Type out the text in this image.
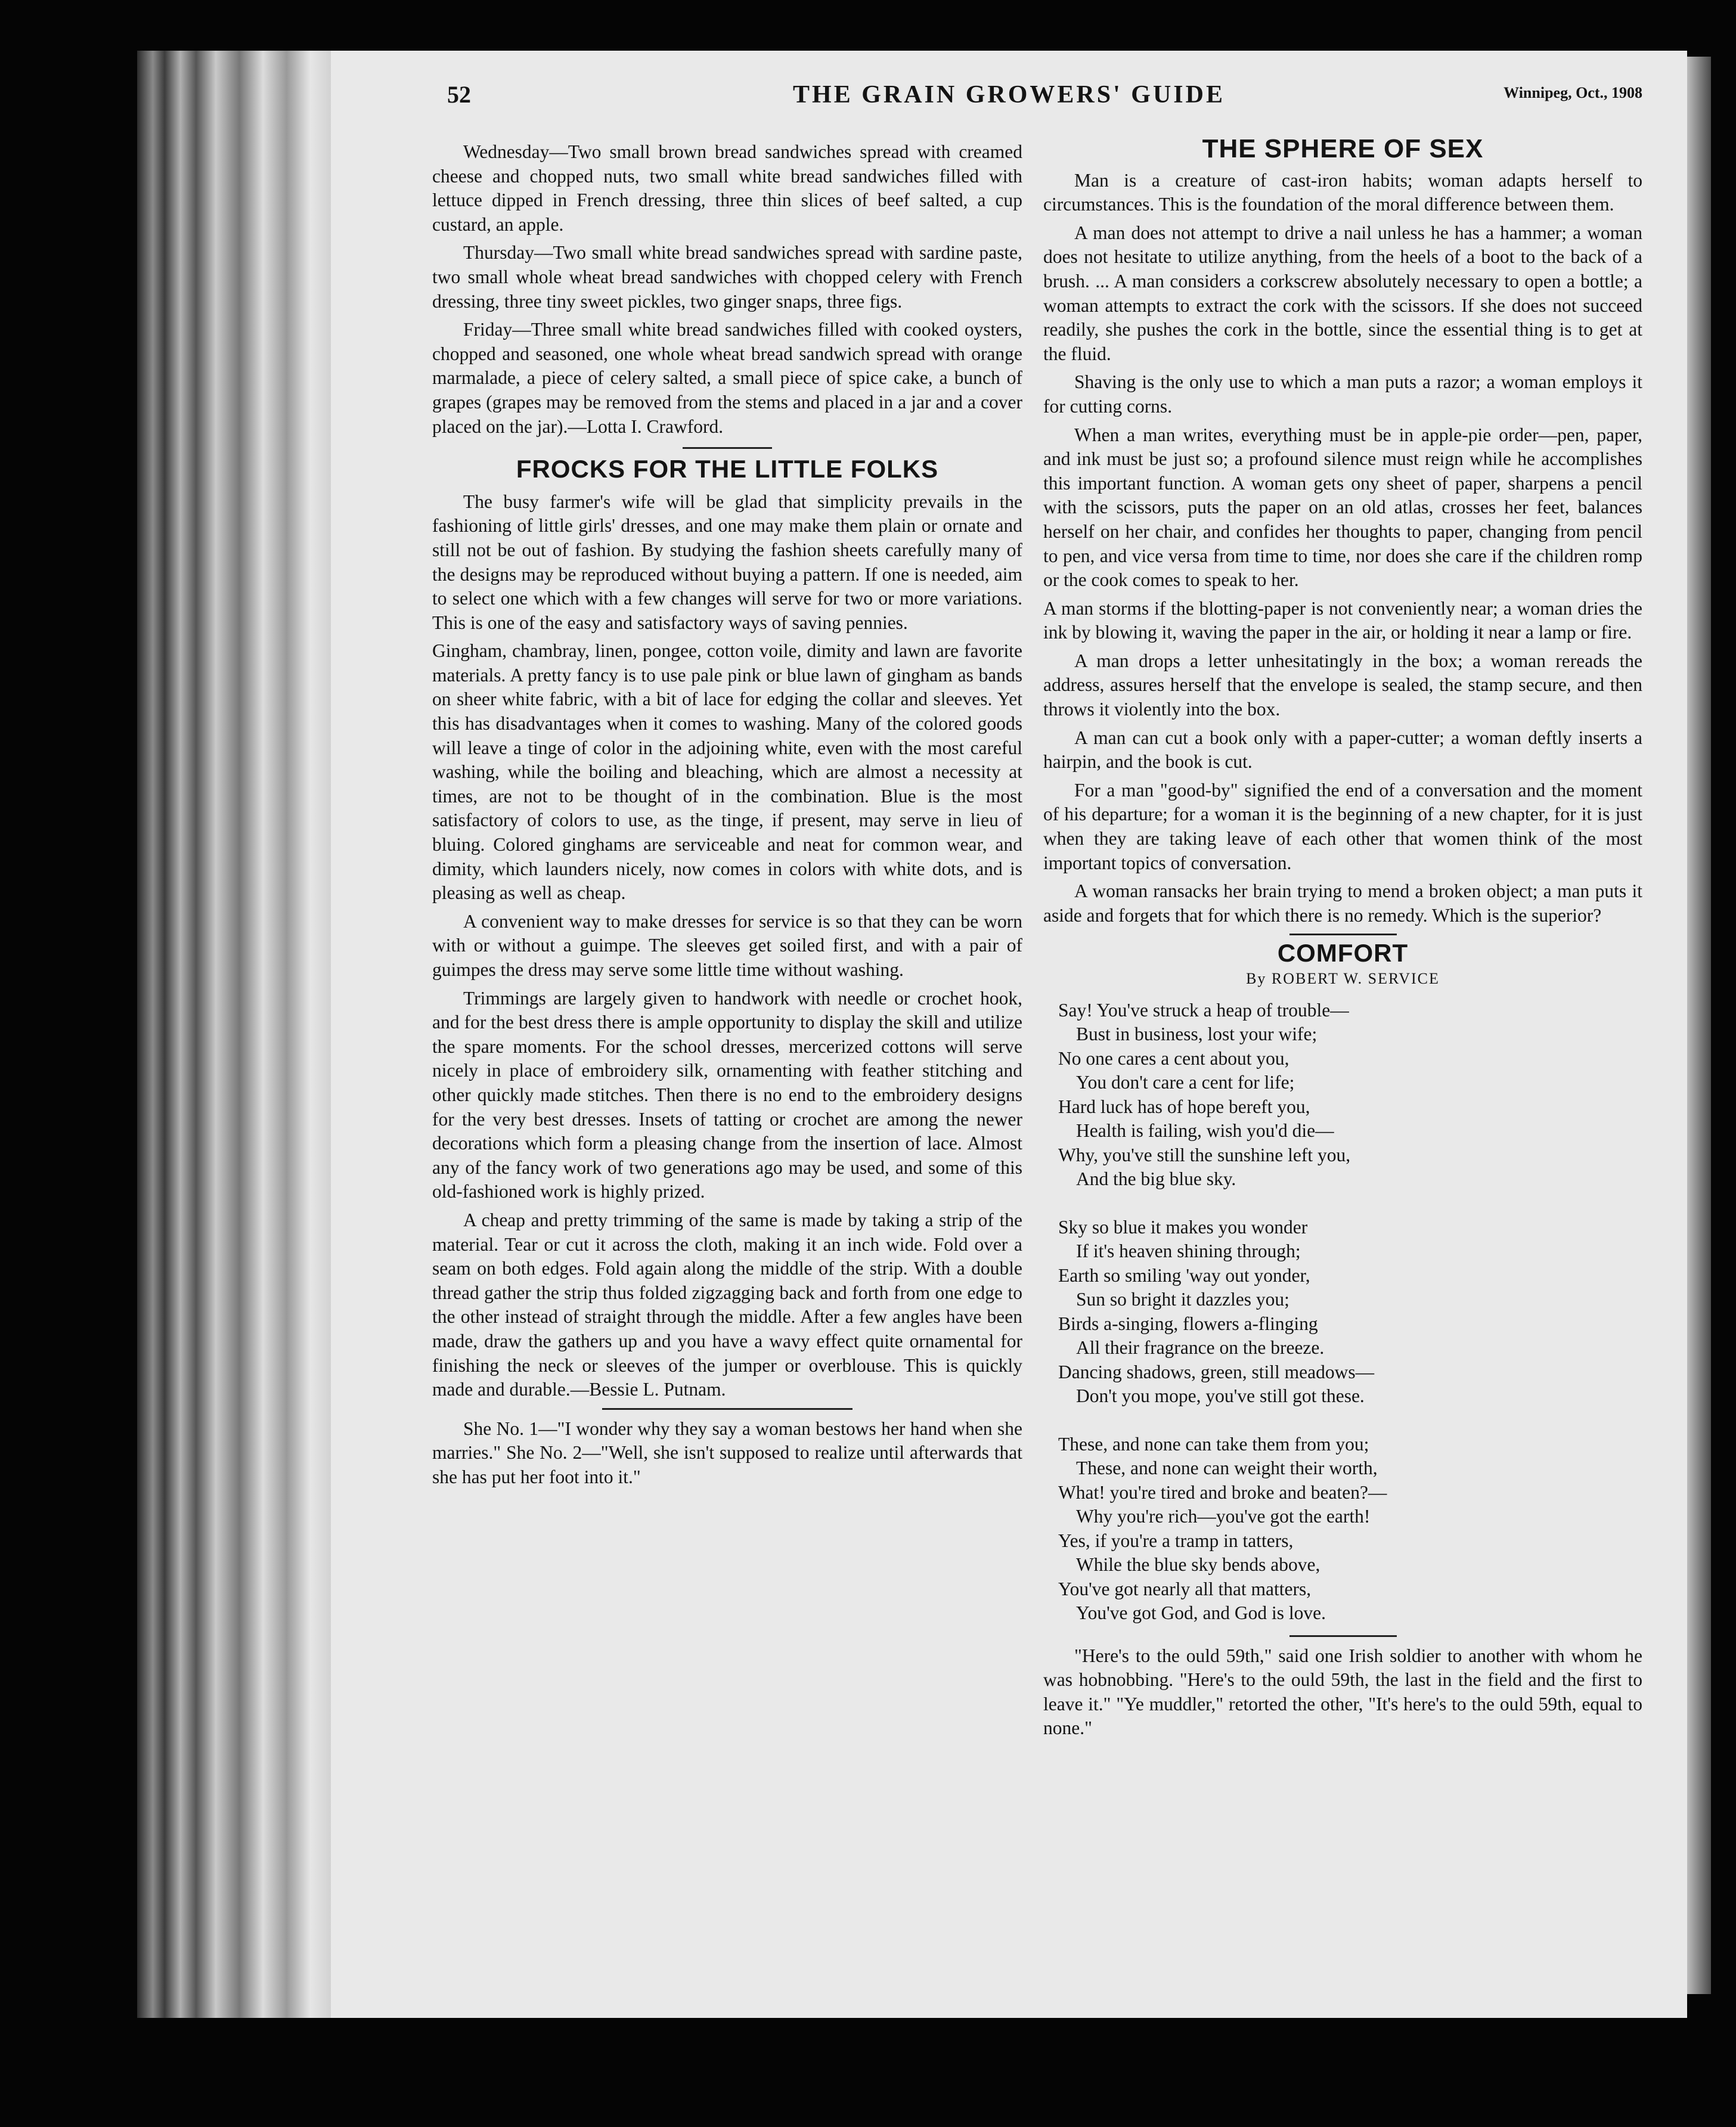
52	THE GRAIN GROWERS' GUIDE	Winnipeg, Oct., 1908

Wednesday—Two small brown bread sandwiches spread with creamed cheese and chopped nuts, two small white bread sandwiches filled with lettuce dipped in French dressing, three thin slices of beef salted, a cup custard, an apple.

Thursday—Two small white bread sandwiches spread with sardine paste, two small whole wheat bread sandwiches with chopped celery with French dressing, three tiny sweet pickles, two ginger snaps, three figs.

Friday—Three small white bread sandwiches filled with cooked oysters, chopped and seasoned, one whole wheat bread sandwich spread with orange marmalade, a piece of celery salted, a small piece of spice cake, a bunch of grapes (grapes may be removed from the stems and placed in a jar and a cover placed on the jar).—Lotta I. Crawford.

FROCKS FOR THE LITTLE FOLKS

The busy farmer's wife will be glad that simplicity prevails in the fashioning of little girls' dresses, and one may make them plain or ornate and still not be out of fashion. By studying the fashion sheets carefully many of the designs may be reproduced without buying a pattern. If one is needed, aim to select one which with a few changes will serve for two or more variations. This is one of the easy and satisfactory ways of saving pennies.

Gingham, chambray, linen, pongee, cotton voile, dimity and lawn are favorite materials. A pretty fancy is to use pale pink or blue lawn of gingham as bands on sheer white fabric, with a bit of lace for edging the collar and sleeves. Yet this has disadvantages when it comes to washing. Many of the colored goods will leave a tinge of color in the adjoining white, even with the most careful washing, while the boiling and bleaching, which are almost a necessity at times, are not to be thought of in the combination. Blue is the most satisfactory of colors to use, as the tinge, if present, may serve in lieu of bluing. Colored ginghams are serviceable and neat for common wear, and dimity, which launders nicely, now comes in colors with white dots, and is pleasing as well as cheap.

A convenient way to make dresses for service is so that they can be worn with or without a guimpe. The sleeves get soiled first, and with a pair of guimpes the dress may serve some little time without washing.

Trimmings are largely given to handwork with needle or crochet hook, and for the best dress there is ample opportunity to display the skill and utilize the spare moments. For the school dresses, mercerized cottons will serve nicely in place of embroidery silk, ornamenting with feather stitching and other quickly made stitches. Then there is no end to the embroidery designs for the very best dresses. Insets of tatting or crochet are among the newer decorations which form a pleasing change from the insertion of lace. Almost any of the fancy work of two generations ago may be used, and some of this old-fashioned work is highly prized.

A cheap and pretty trimming of the same is made by taking a strip of the material. Tear or cut it across the cloth, making it an inch wide. Fold over a seam on both edges. Fold again along the middle of the strip. With a double thread gather the strip thus folded zigzagging back and forth from one edge to the other instead of straight through the middle. After a few angles have been made, draw the gathers up and you have a wavy effect quite ornamental for finishing the neck or sleeves of the jumper or overblouse. This is quickly made and durable.—Bessie L. Putnam.

She No. 1—"I wonder why they say a woman bestows her hand when she marries." She No. 2—"Well, she isn't supposed to realize until afterwards that she has put her foot into it."

THE SPHERE OF SEX

Man is a creature of cast-iron habits; woman adapts herself to circumstances. This is the foundation of the moral difference between them.

A man does not attempt to drive a nail unless he has a hammer; a woman does not hesitate to utilize anything, from the heels of a boot to the back of a brush. ... A man considers a corkscrew absolutely necessary to open a bottle; a woman attempts to extract the cork with the scissors. If she does not succeed readily, she pushes the cork in the bottle, since the essential thing is to get at the fluid.

Shaving is the only use to which a man puts a razor; a woman employs it for cutting corns.

When a man writes, everything must be in apple-pie order—pen, paper, and ink must be just so; a profound silence must reign while he accomplishes this important function. A woman gets ony sheet of paper, sharpens a pencil with the scissors, puts the paper on an old atlas, crosses her feet, balances herself on her chair, and confides her thoughts to paper, changing from pencil to pen, and vice versa from time to time, nor does she care if the children romp or the cook comes to speak to her.

A man storms if the blotting-paper is not conveniently near; a woman dries the ink by blowing it, waving the paper in the air, or holding it near a lamp or fire.

A man drops a letter unhesitatingly in the box; a woman rereads the address, assures herself that the envelope is sealed, the stamp secure, and then throws it violently into the box.

A man can cut a book only with a paper-cutter; a woman deftly inserts a hairpin, and the book is cut.

For a man "good-by" signified the end of a conversation and the moment of his departure; for a woman it is the beginning of a new chapter, for it is just when they are taking leave of each other that women think of the most important topics of conversation.

A woman ransacks her brain trying to mend a broken object; a man puts it aside and forgets that for which there is no remedy. Which is the superior?

COMFORT
By ROBERT W. SERVICE
Say! You've struck a heap of trouble—
Bust in business, lost your wife;
No one cares a cent about you,
You don't care a cent for life;
Hard luck has of hope bereft you,
Health is failing, wish you'd die—
Why, you've still the sunshine left you,
And the big blue sky.
Sky so blue it makes you wonder
If it's heaven shining through;
Earth so smiling 'way out yonder,
Sun so bright it dazzles you;
Birds a-singing, flowers a-flinging
All their fragrance on the breeze.
Dancing shadows, green, still meadows—
Don't you mope, you've still got these.
These, and none can take them from you;
These, and none can weight their worth,
What! you're tired and broke and beaten?—
Why you're rich—you've got the earth!
Yes, if you're a tramp in tatters,
While the blue sky bends above,
You've got nearly all that matters,
You've got God, and God is love.

"Here's to the ould 59th," said one Irish soldier to another with whom he was hobnobbing. "Here's to the ould 59th, the last in the field and the first to leave it." "Ye muddler," retorted the other, "It's here's to the ould 59th, equal to none."
